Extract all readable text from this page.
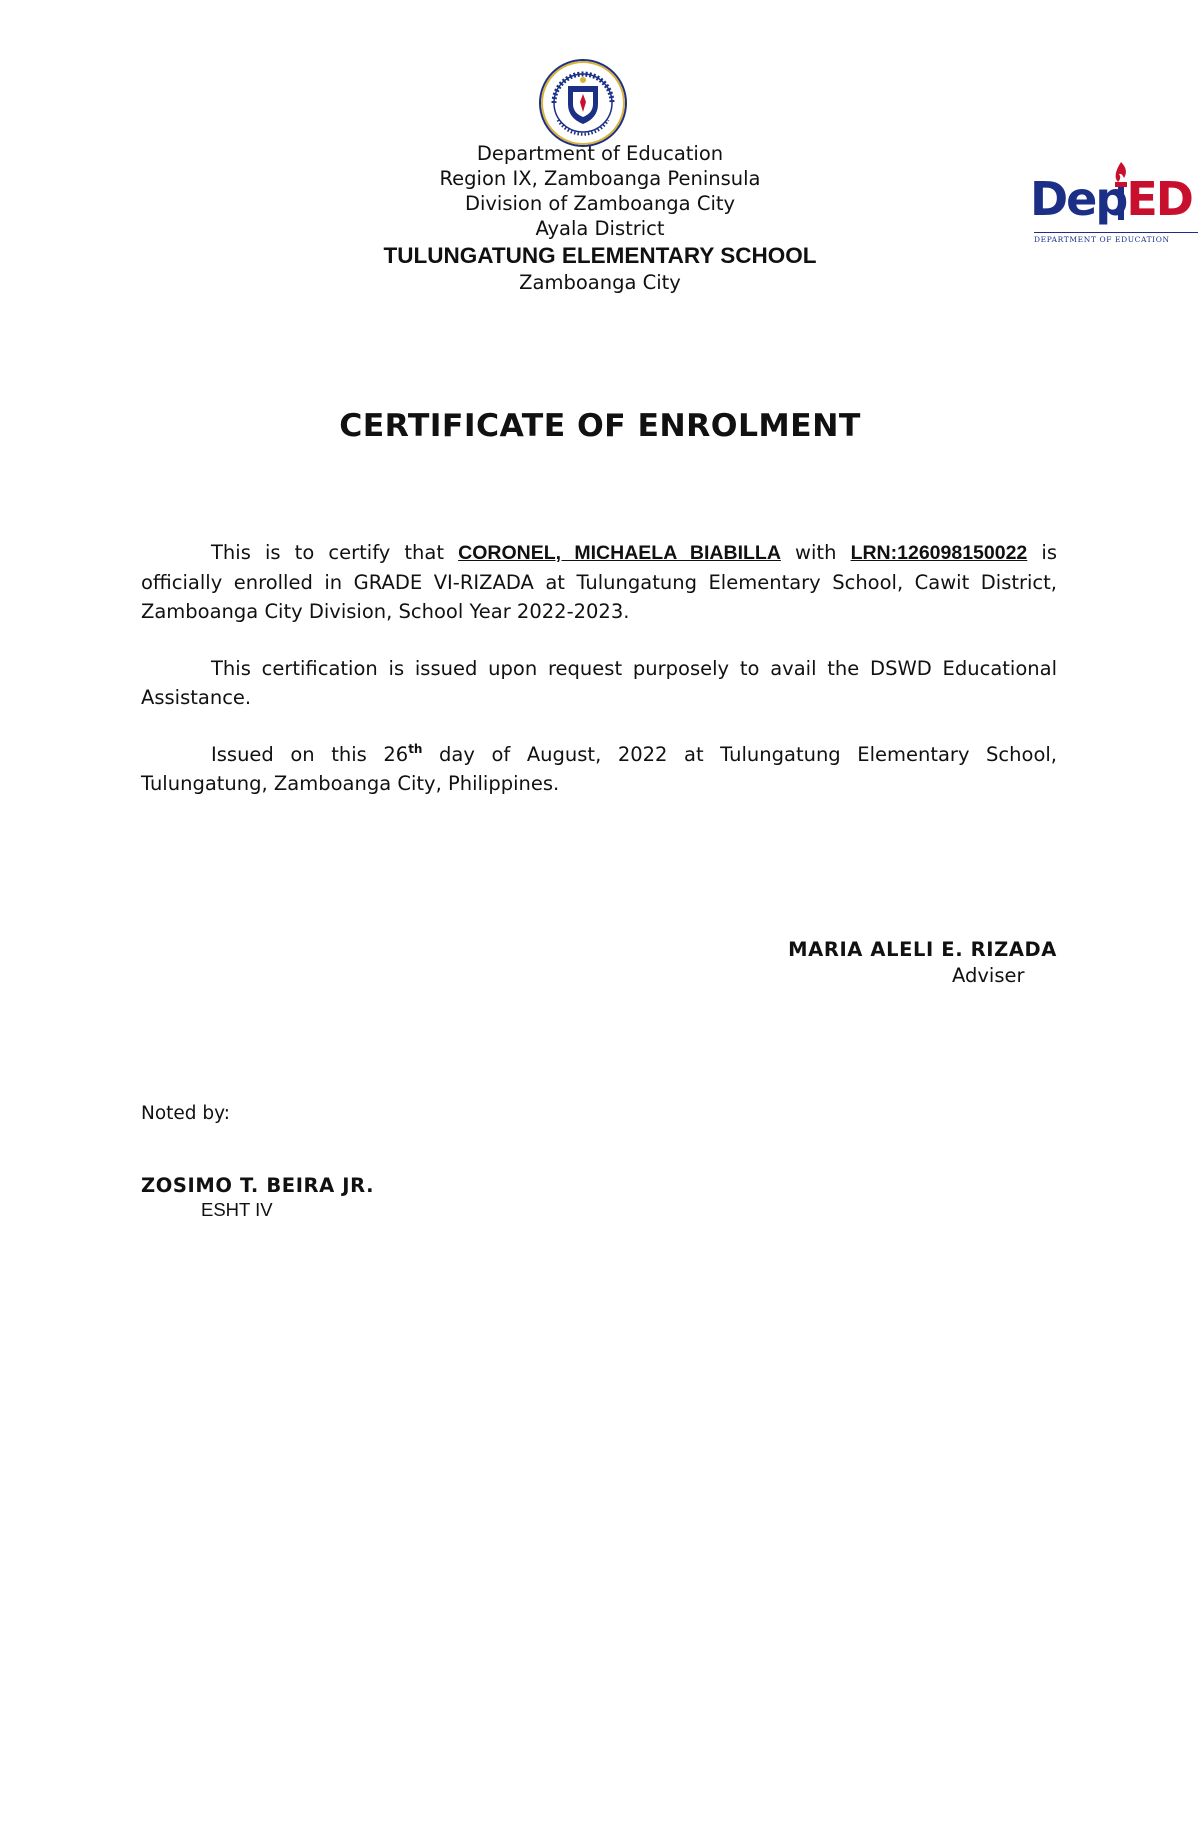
DepED
DEPARTMENT OF EDUCATION
Department of Education
Region IX, Zamboanga Peninsula
Division of Zamboanga City
Ayala District
TULUNGATUNG ELEMENTARY SCHOOL
Zamboanga City
CERTIFICATE OF ENROLMENT
This is to certify that CORONEL, MICHAELA BIABILLA with LRN:126098150022 is officially enrolled in GRADE VI-RIZADA at Tulungatung Elementary School, Cawit District, Zamboanga City Division, School Year 2022-2023.
This certification is issued upon request purposely to avail the DSWD Educational Assistance.
Issued on this 26th day of August, 2022 at Tulungatung Elementary School, Tulungatung, Zamboanga City, Philippines.
MARIA ALELI E. RIZADA
Adviser
Noted by:
ZOSIMO T. BEIRA JR.
ESHT IV
